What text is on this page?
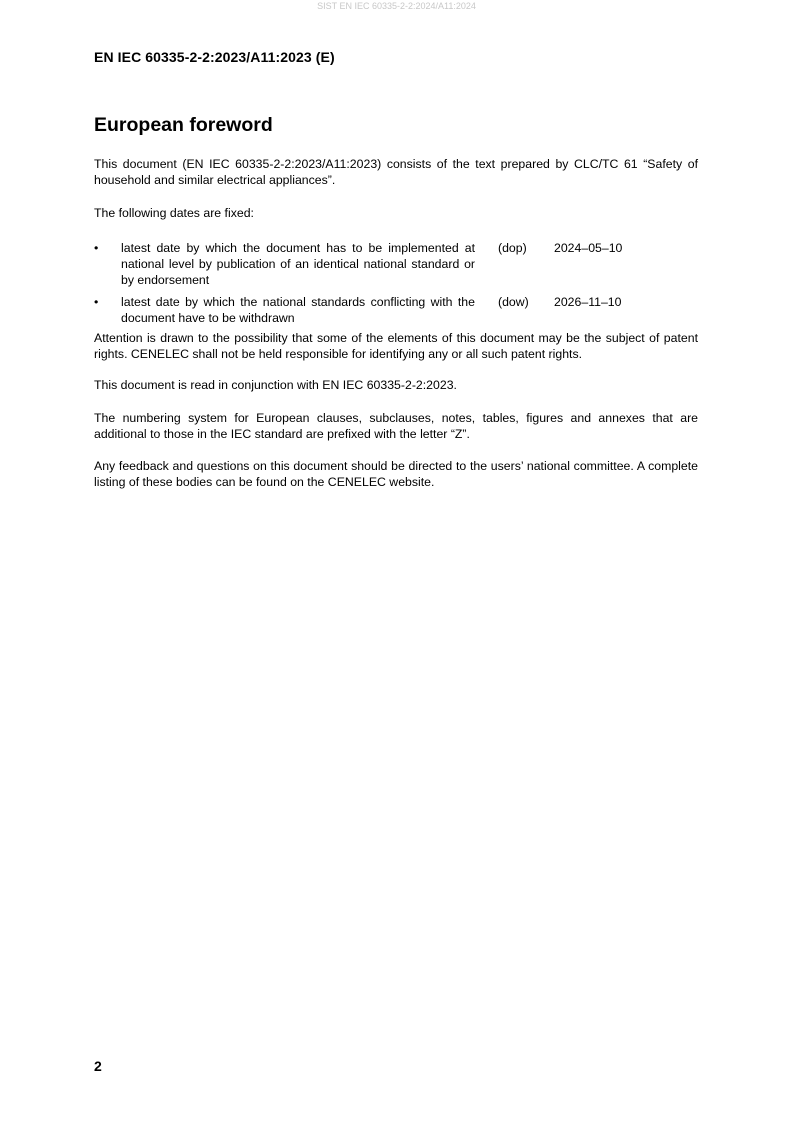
SIST EN IEC 60335-2-2:2024/A11:2024
EN IEC 60335-2-2:2023/A11:2023 (E)
European foreword

This document (EN IEC 60335-2-2:2023/A11:2023) consists of the text prepared by CLC/TC 61 “Safety of household and similar electrical appliances”.

The following dates are fixed:

• latest date by which the document has to be implemented at national level by publication of an identical national standard or by endorsement
(dop) 2024–05–10
• latest date by which the national standards conflicting with the document have to be withdrawn
(dow) 2026–11–10

Attention is drawn to the possibility that some of the elements of this document may be the subject of patent rights. CENELEC shall not be held responsible for identifying any or all such patent rights.

This document is read in conjunction with EN IEC 60335-2-2:2023.

The numbering system for European clauses, subclauses, notes, tables, figures and annexes that are additional to those in the IEC standard are prefixed with the letter “Z”.

Any feedback and questions on this document should be directed to the users’ national committee. A complete listing of these bodies can be found on the CENELEC website.

2
